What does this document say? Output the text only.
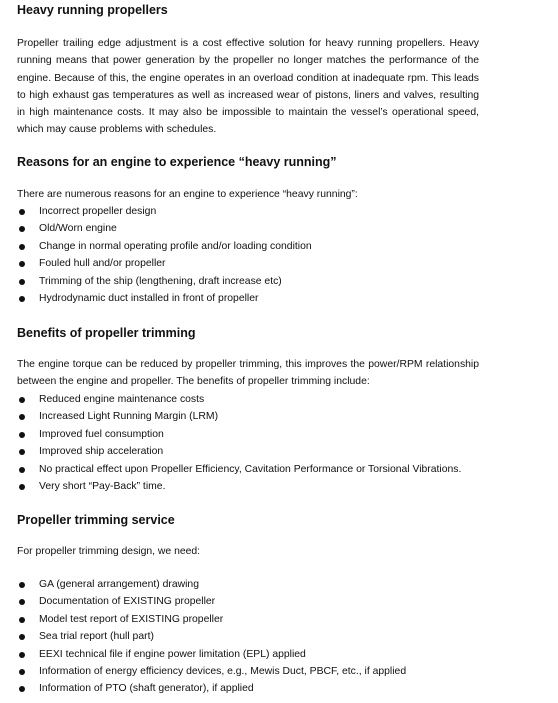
Heavy running propellers

Propeller trailing edge adjustment is a cost effective solution for heavy running propellers. Heavy running means that power generation by the propeller no longer matches the performance of the engine. Because of this, the engine operates in an overload condition at inadequate rpm. This leads to high exhaust gas temperatures as well as increased wear of pistons, liners and valves, resulting in high maintenance costs. It may also be impossible to maintain the vessel’s operational speed, which may cause problems with schedules.

Reasons for an engine to experience “heavy running”

There are numerous reasons for an engine to experience “heavy running”:

Incorrect propeller design
Old/Worn engine
Change in normal operating profile and/or loading condition
Fouled hull and/or propeller
Trimming of the ship (lengthening, draft increase etc)
Hydrodynamic duct installed in front of propeller
Benefits of propeller trimming

The engine torque can be reduced by propeller trimming, this improves the power/RPM relationship between the engine and propeller. The benefits of propeller trimming include:

Reduced engine maintenance costs
Increased Light Running Margin (LRM)
Improved fuel consumption
Improved ship acceleration
No practical effect upon Propeller Efficiency, Cavitation Performance or Torsional Vibrations.
Very short “Pay-Back” time.
Propeller trimming service

For propeller trimming design, we need:

GA (general arrangement) drawing
Documentation of EXISTING propeller
Model test report of EXISTING propeller
Sea trial report (hull part)
EEXI technical file if engine power limitation (EPL) applied
Information of energy efficiency devices, e.g., Mewis Duct, PBCF, etc., if applied
Information of PTO (shaft generator), if applied
